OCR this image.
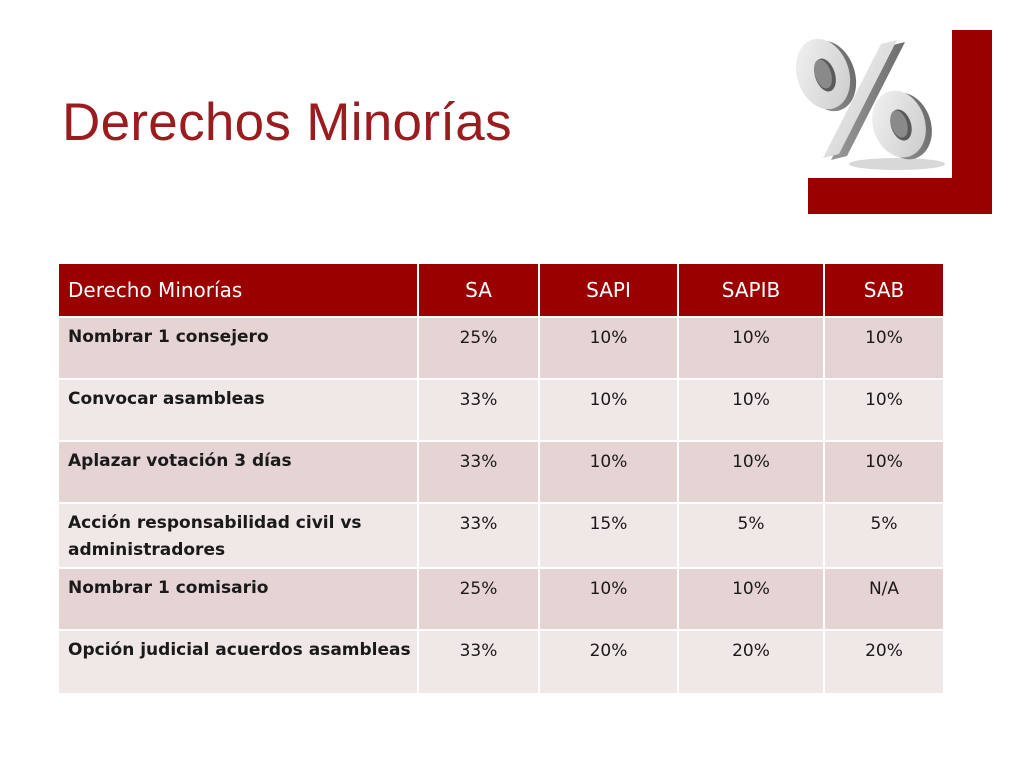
Derechos Minorías
Derecho Minorías	SA	SAPI	SAPIB	SAB
Nombrar 1 consejero	25%	10%	10%	10%
Convocar asambleas	33%	10%	10%	10%
Aplazar votación 3 días	33%	10%	10%	10%
Acción responsabilidad civil vs administradores	33%	15%	5%	5%
Nombrar 1 comisario	25%	10%	10%	N/A
Opción judicial acuerdos asambleas	33%	20%	20%	20%
